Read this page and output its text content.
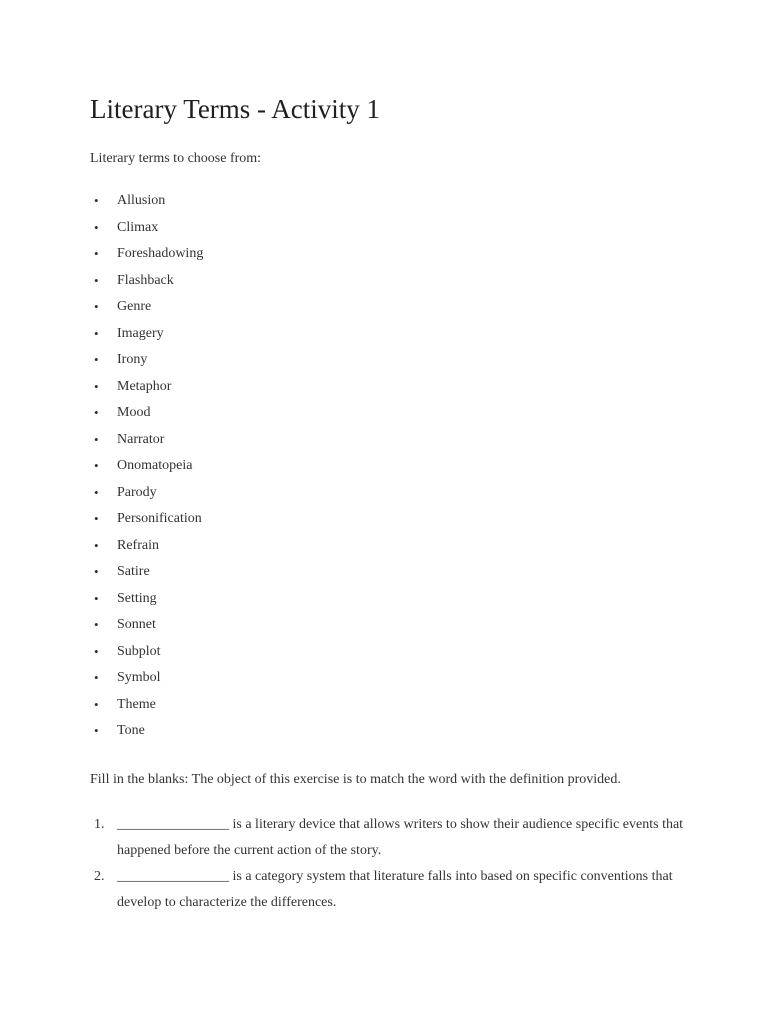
Literary Terms - Activity 1

Literary terms to choose from:

• Allusion
• Climax
• Foreshadowing
• Flashback
• Genre
• Imagery
• Irony
• Metaphor
• Mood
• Narrator
• Onomatopeia
• Parody
• Personification
• Refrain
• Satire
• Setting
• Sonnet
• Subplot
• Symbol
• Theme
• Tone

Fill in the blanks: The object of this exercise is to match the word with the definition provided.

1. ________________ is a literary device that allows writers to show their audience specific events that happened before the current action of the story.
2. ________________ is a category system that literature falls into based on specific conventions that develop to characterize the differences.
